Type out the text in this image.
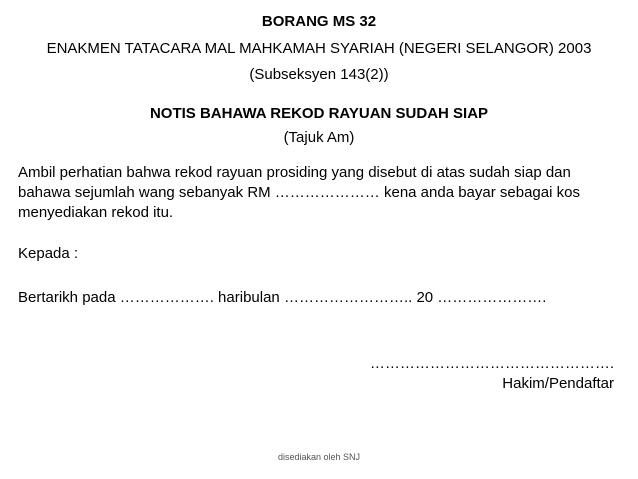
BORANG MS 32
ENAKMEN TATACARA MAL MAHKAMAH SYARIAH (NEGERI SELANGOR) 2003
(Subseksyen 143(2))
NOTIS BAHAWA REKOD RAYUAN SUDAH SIAP
(Tajuk Am)
Ambil perhatian bahwa rekod rayuan prosiding yang disebut di atas sudah siap dan bahawa sejumlah wang sebanyak RM ………………… kena anda bayar sebagai kos menyediakan rekod itu.
Kepada :
Bertarikh pada ………………. haribulan …………………….. 20 ………………….
………………………………………….
Hakim/Pendaftar
disediakan oleh SNJ
